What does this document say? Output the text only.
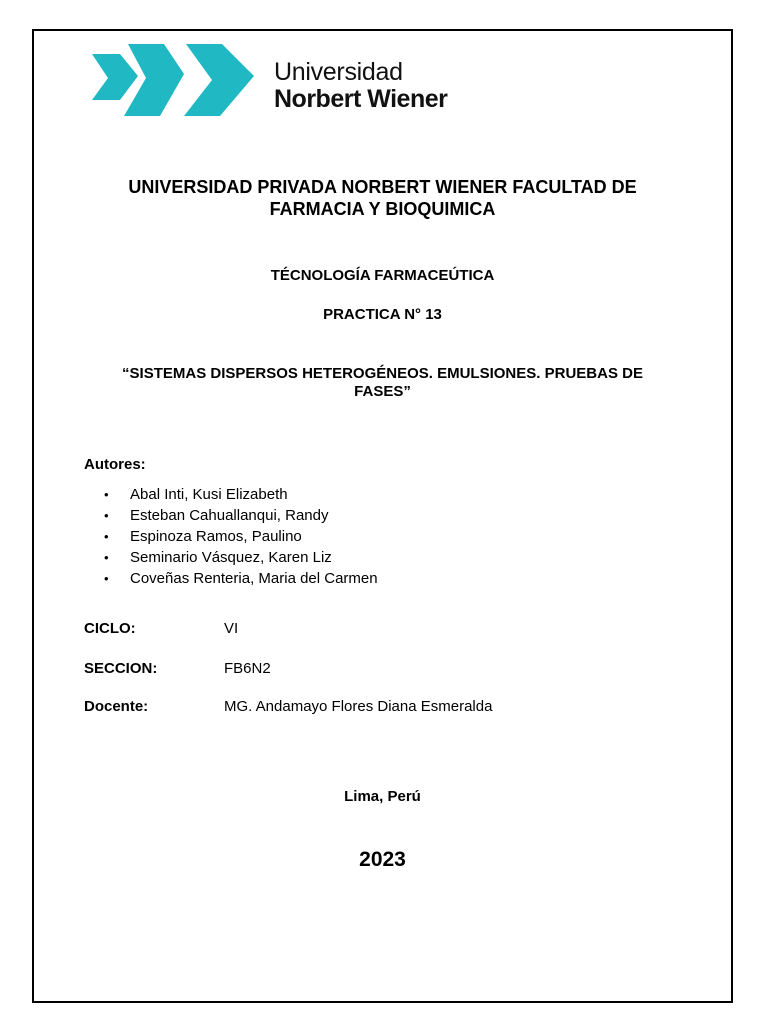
Universidad
Norbert Wiener
UNIVERSIDAD PRIVADA NORBERT WIENER FACULTAD DE FARMACIA Y BIOQUIMICA
TÉCNOLOGÍA FARMACEÚTICA
PRACTICA N° 13
“SISTEMAS DISPERSOS HETEROGÉNEOS. EMULSIONES. PRUEBAS DE FASES”
Autores:
• Abal Inti, Kusi Elizabeth
• Esteban Cahuallanqui, Randy
• Espinoza Ramos, Paulino
• Seminario Vásquez, Karen Liz
• Coveñas Renteria, Maria del Carmen
CICLO:	VI
SECCION:	FB6N2
Docente:	MG. Andamayo Flores Diana Esmeralda
Lima, Perú
2023
